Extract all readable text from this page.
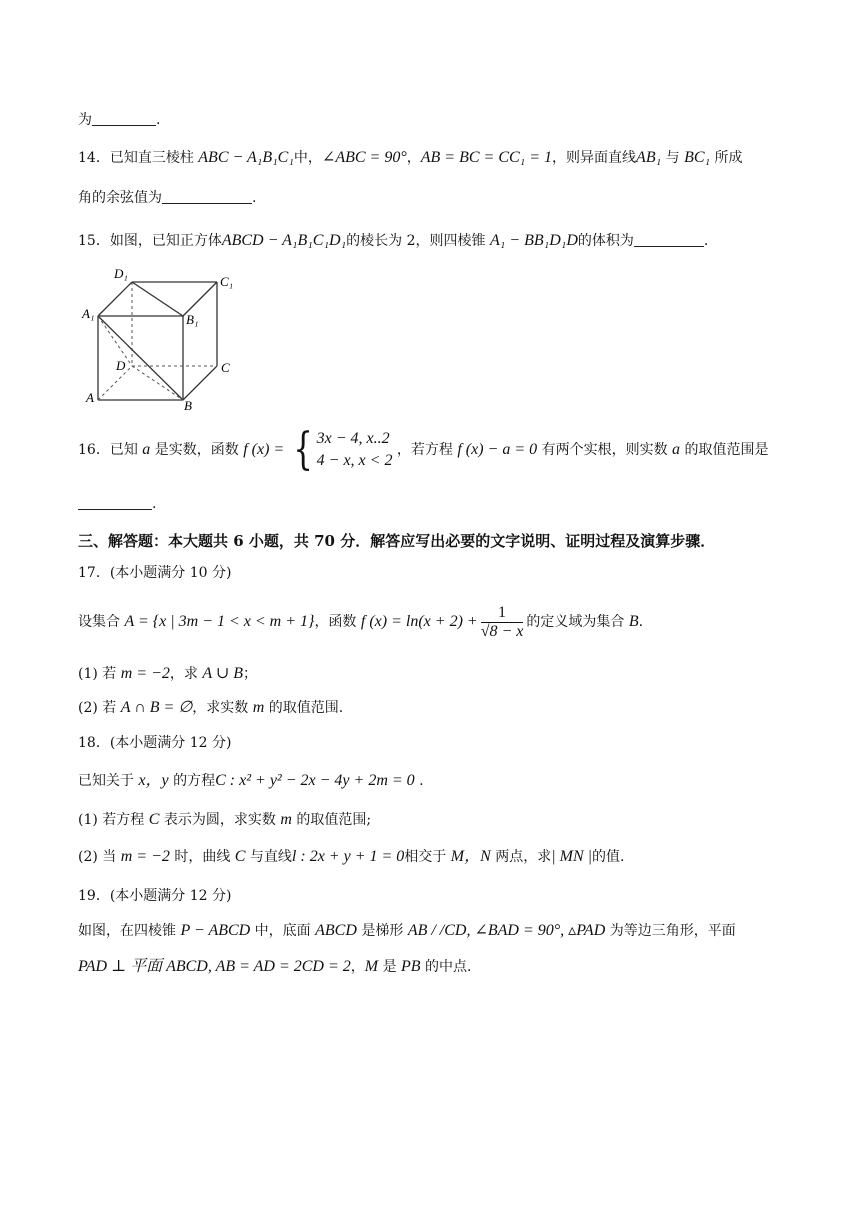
为	.
14．已知直三棱柱 ABC − A₁B₁C₁中，∠ABC = 90°，AB = BC = CC₁ = 1，则异面直线AB₁ 与 BC₁ 所成
角的余弦值为	.
15．如图，已知正方体ABCD − A₁B₁C₁D₁的棱长为 2，则四棱锥 A₁ − BB₁D₁D的体积为	.
D₁
C₁
A₁	B₁
D	C
A
B
16．已知 a 是实数，函数 f (x) = { 3x − 4, x..2
4 − x, x < 2
，若方程 f (x) − a = 0 有两个实根，则实数 a 的取值范围是
.
三、解答题：本大题共 6 小题，共 70 分．解答应写出必要的文字说明、证明过程及演算步骤．
17．(本小题满分 10 分)
设集合 A = {x | 3m − 1 < x < m + 1}，函数 f $(x) = \ln(x + 2) + \frac{1}{√8 - x}$ 的定义域为集合 B.
(1) 若 m = −2，求 A ∪ B；
(2) 若 A ∩ B = ∅，求实数 m 的取值范围.
18．(本小题满分 12 分)
已知关于 x，y 的方程C : x² + y² − 2x − 4y + 2m = 0 .
(1) 若方程 C 表示为圆，求实数 m 的取值范围;
(2) 当 m = −2 时，曲线 C 与直线l : 2x + y + 1 = 0相交于 M，N 两点，求| MN |的值.
19．(本小题满分 12 分)
如图，在四棱锥 P − ABCD 中，底面 ABCD 是梯形 AB / /CD, ∠BAD = 90°, ▵PAD 为等边三角形，平面
PAD ⊥ 平面 ABCD, AB = AD = 2CD = 2，M 是 PB 的中点.
